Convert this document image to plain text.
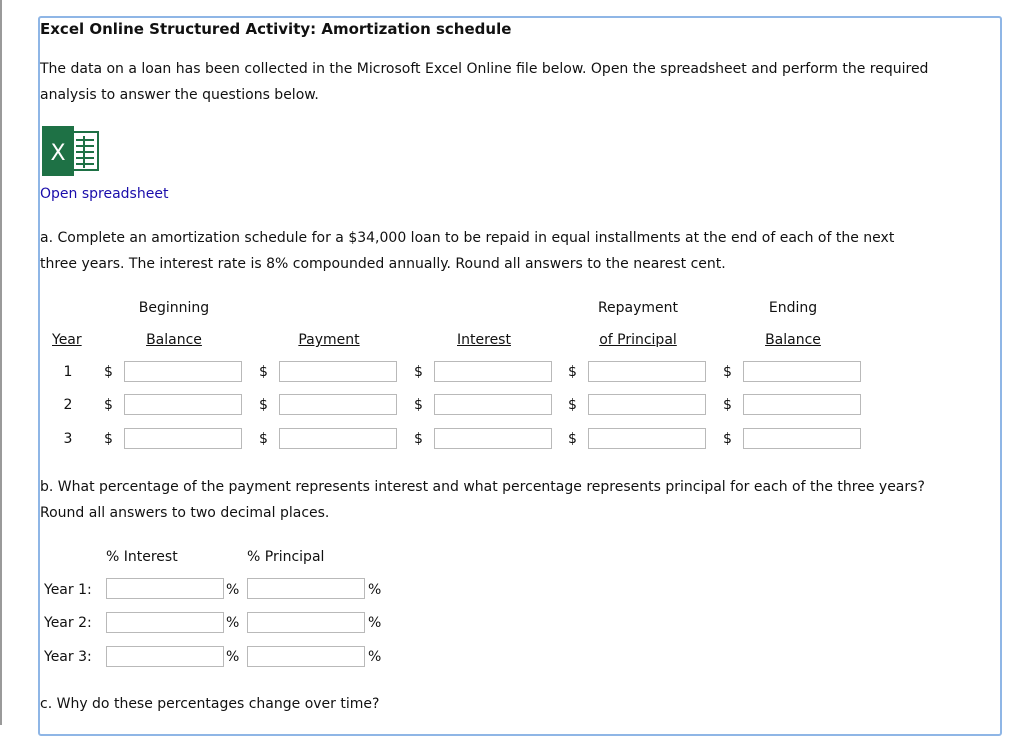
Excel Online Structured Activity: Amortization schedule
The data on a loan has been collected in the Microsoft Excel Online file below. Open the spreadsheet and perform the required
analysis to answer the questions below.
X
Open spreadsheet
a. Complete an amortization schedule for a $34,000 loan to be repaid in equal installments at the end of each of the next
three years. The interest rate is 8% compounded annually. Round all answers to the nearest cent.
Beginning	Repayment	Ending
Year	Balance	Payment	Interest	of Principal	Balance
1	$	$	$	$	$
2	$	$	$	$	$
3	$	$	$	$	$
b. What percentage of the payment represents interest and what percentage represents principal for each of the three years?
Round all answers to two decimal places.
% Interest	% Principal
Year 1:	%	%
Year 2:	%	%
Year 3:	%	%
c. Why do these percentages change over time?
